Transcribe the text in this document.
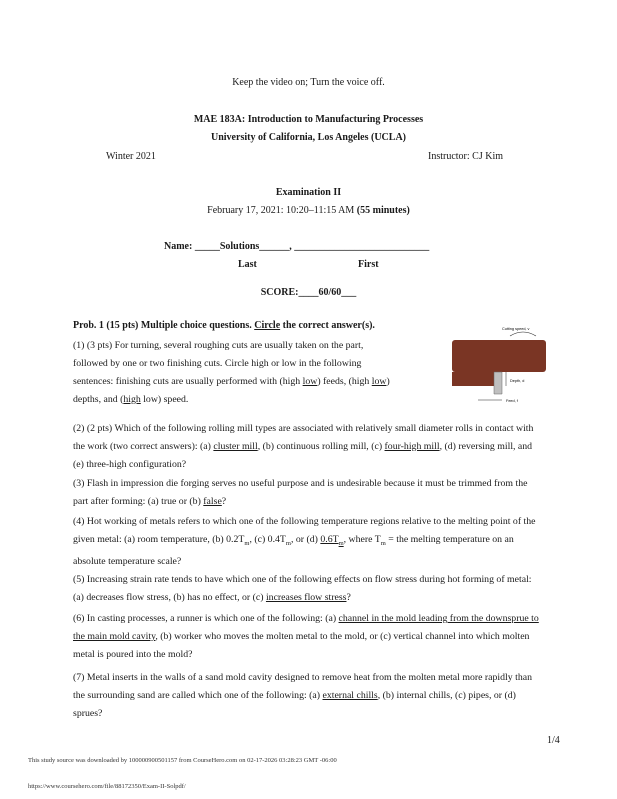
Keep the video on; Turn the voice off.
MAE 183A: Introduction to Manufacturing Processes
University of California, Los Angeles (UCLA)
Winter 2021	Instructor: CJ Kim
Examination II
February 17, 2021: 10:20–11:15 AM (55 minutes)
Name: _____Solutions______, ___________________________
Last	First
SCORE:____60/60___
Prob. 1 (15 pts) Multiple choice questions. Circle the correct answer(s).

(1) (3 pts) For turning, several roughing cuts are usually taken on the part,
followed by one or two finishing cuts. Circle high or low in the following
sentences: finishing cuts are usually performed with (high low) feeds, (high low)
depths, and (high low) speed.

Cutting speed, v
Depth, d
Feed, f

(2) (2 pts) Which of the following rolling mill types are associated with relatively small diameter rolls in contact with the work (two correct answers): (a) cluster mill, (b) continuous rolling mill, (c) four-high mill, (d) reversing mill, and (e) three-high configuration?

(3) Flash in impression die forging serves no useful purpose and is undesirable because it must be trimmed from the part after forming: (a) true or (b) false?

(4) Hot working of metals refers to which one of the following temperature regions relative to the melting point of the given metal: (a) room temperature, (b) $0.2T_m$, (c) $0.4T_m$, or (d) $0.6T_m$, where $T_m$ = the melting temperature on an absolute temperature scale?

(5) Increasing strain rate tends to have which one of the following effects on flow stress during hot forming of metal: (a) decreases flow stress, (b) has no effect, or (c) increases flow stress?

(6) In casting processes, a runner is which one of the following: (a) channel in the mold leading from the downsprue to the main mold cavity, (b) worker who moves the molten metal to the mold, or (c) vertical channel into which molten metal is poured into the mold?

(7) Metal inserts in the walls of a sand mold cavity designed to remove heat from the molten metal more rapidly than the surrounding sand are called which one of the following: (a) external chills, (b) internal chills, (c) pipes, or (d) sprues?

1/4
This study source was downloaded by 100000900501157 from CourseHero.com on 02-17-2026 03:28:23 GMT -06:00
https://www.coursehero.com/file/88172350/Exam-II-Solpdf/
